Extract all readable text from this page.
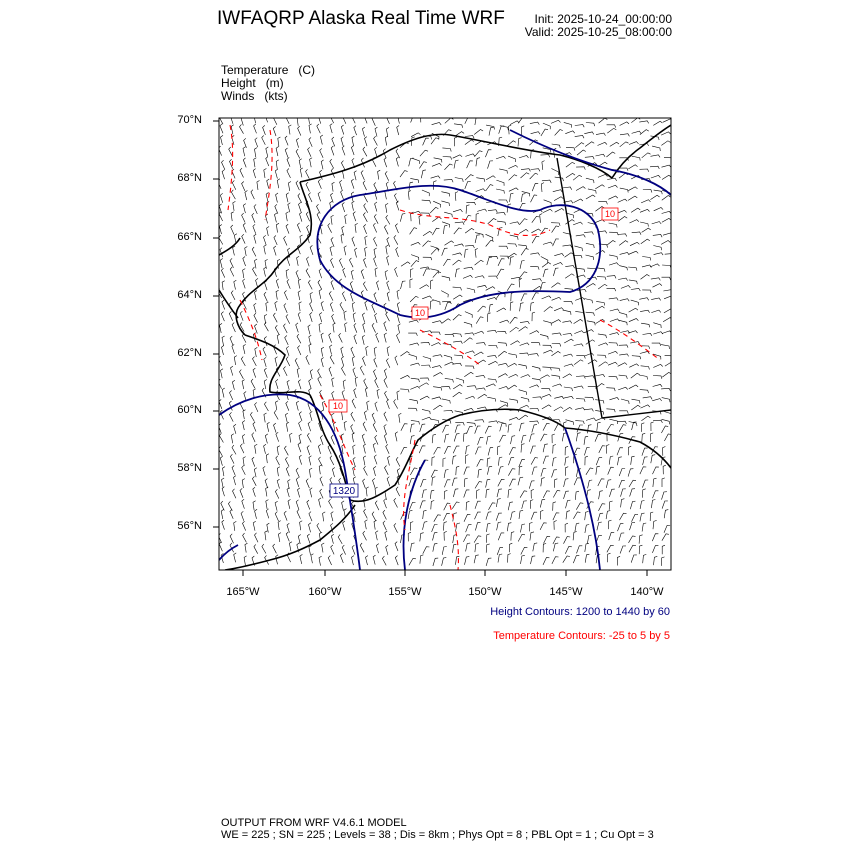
IWFAQRP Alaska Real Time WRF	Init: 2025-10-24_00:00:00
Valid: 2025-10-25_08:00:00
Temperature   (C)
Height   (m)
Winds   (kts)
1320
10
10
10
70°N
68°N
66°N
64°N
62°N
60°N
58°N
56°N
165°W	160°W	155°W	150°W	145°W	140°W
Height Contours: 1200 to 1440 by 60
Temperature Contours: -25 to 5 by 5
OUTPUT FROM WRF V4.6.1 MODEL
WE = 225 ; SN = 225 ; Levels = 38 ; Dis = 8km ; Phys Opt = 8 ; PBL Opt = 1 ; Cu Opt = 3
